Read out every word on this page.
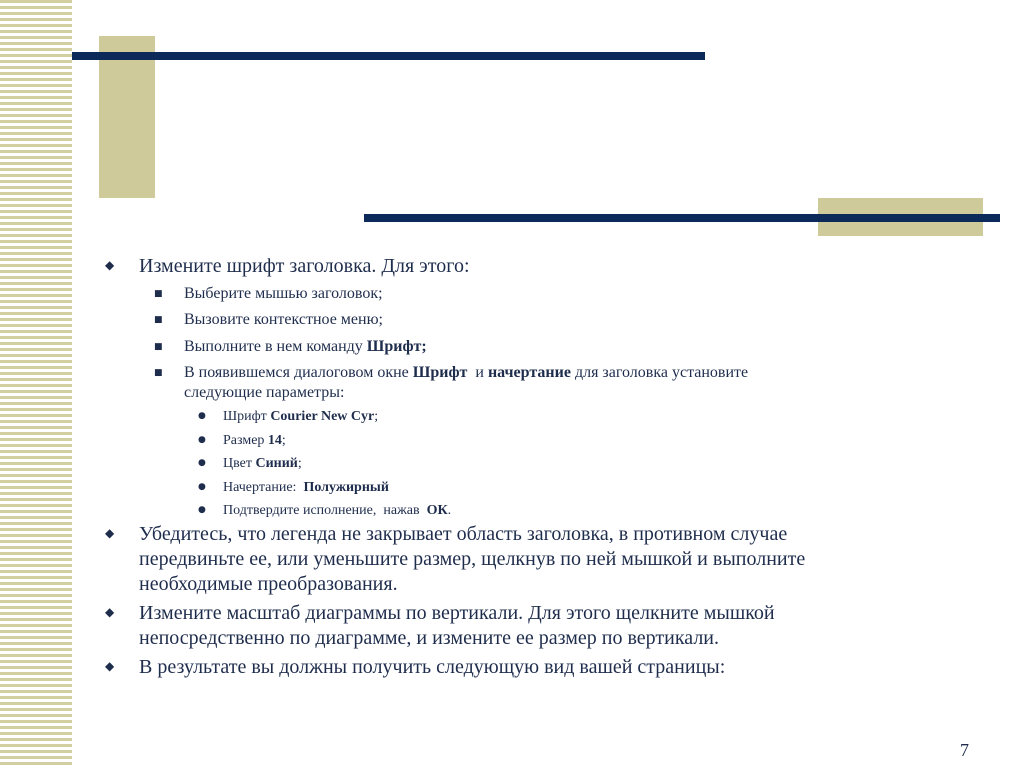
◆ Измените шрифт заголовка. Для этого:
■ Выберите мышью заголовок;
■ Вызовите контекстное меню;
■ Выполните в нем команду Шрифт;
■ В появившемся диалоговом окне Шрифт  и начертание для заголовка установите
следующие параметры:
● Шрифт Courier New Cyr;
● Размер 14;
● Цвет Синий;
● Начертание:  Полужирный
● Подтвердите исполнение,  нажав  ОК.
◆ Убедитесь, что легенда не закрывает область заголовка, в противном случае
передвиньте ее, или уменьшите размер, щелкнув по ней мышкой и выполните
необходимые преобразования.
◆ Измените масштаб диаграммы по вертикали. Для этого щелкните мышкой
непосредственно по диаграмме, и измените ее размер по вертикали.
◆ В результате вы должны получить следующую вид вашей страницы:
7
